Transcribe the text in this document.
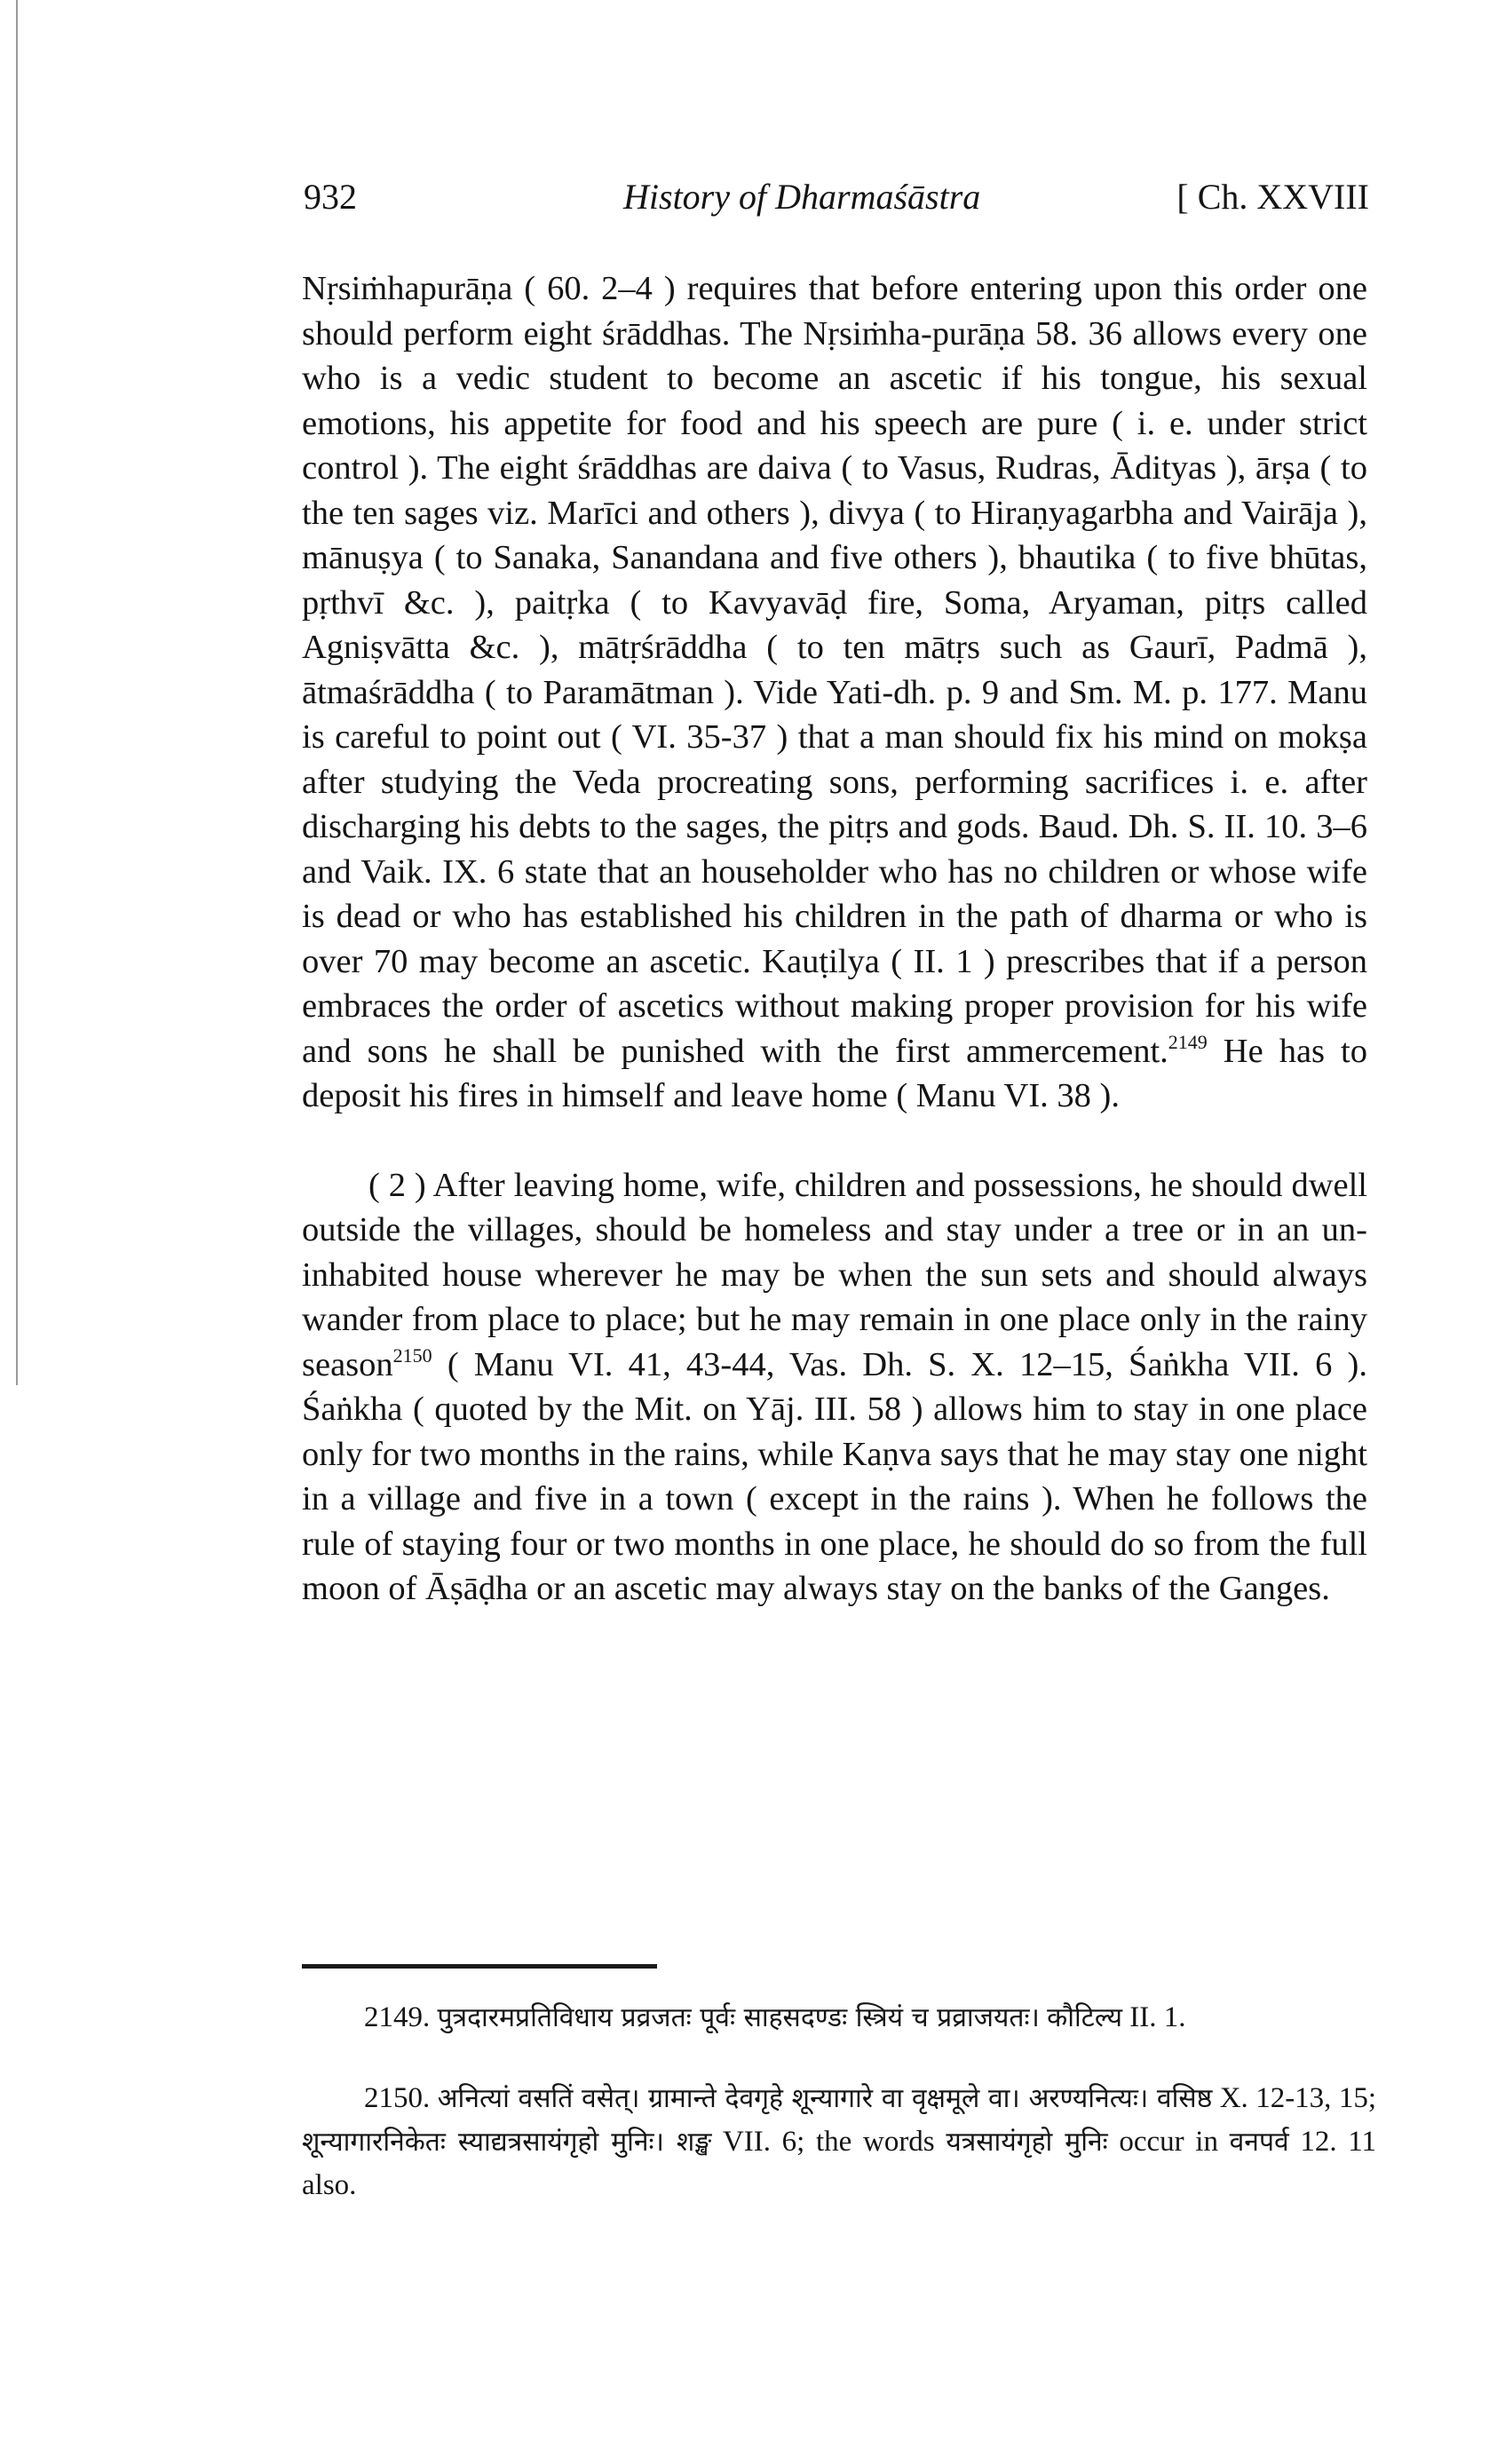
932	History of Dharmaśāstra	[ Ch. XXVIII

Nṛsiṁhapurāṇa ( 60. 2–4 ) requires that before entering upon this order one should perform eight śrāddhas. The Nṛsiṁha-purāṇa 58. 36 allows every one who is a vedic student to become an ascetic if his tongue, his sexual emotions, his appetite for food and his speech are pure ( i. e. under strict control ). The eight śrāddhas are daiva ( to Vasus, Rudras, Ādityas ), ārṣa ( to the ten sages viz. Marīci and others ), divya ( to Hiraṇyagarbha and Vairāja ), mānuṣya ( to Sanaka, Sanandana and five others ), bhautika ( to five bhūtas, pṛthvī &c. ), paitṛka ( to Kavyavāḍ fire, Soma, Aryaman, pitṛs called Agniṣvātta &c. ), mātṛśrāddha ( to ten mātṛs such as Gaurī, Padmā ), ātmaśrāddha ( to Paramātman ). Vide Yati-dh. p. 9 and Sm. M. p. 177. Manu is careful to point out ( VI. 35-37 ) that a man should fix his mind on mokṣa after studying the Veda procreating sons, performing sacrifices i. e. after discharging his debts to the sages, the pitṛs and gods. Baud. Dh. S. II. 10. 3–6 and Vaik. IX. 6 state that an householder who has no children or whose wife is dead or who has established his children in the path of dharma or who is over 70 may become an ascetic. Kauṭilya ( II. 1 ) prescribes that if a person embraces the order of ascetics without making proper provision for his wife and sons he shall be punished with the first ammercement.$^{2149}$ He has to deposit his fires in himself and leave home ( Manu VI. 38 ).

( 2 ) After leaving home, wife, children and possessions, he should dwell outside the villages, should be homeless and stay under a tree or in an un-inhabited house wherever he may be when the sun sets and should always wander from place to place; but he may remain in one place only in the rainy season$^{2150}$ ( Manu VI. 41, 43-44, Vas. Dh. S. X. 12–15, Śaṅkha VII. 6 ). Śaṅkha ( quoted by the Mit. on Yāj. III. 58 ) allows him to stay in one place only for two months in the rains, while Kaṇva says that he may stay one night in a village and five in a town ( except in the rains ). When he follows the rule of staying four or two months in one place, he should do so from the full moon of Āṣāḍha or an ascetic may always stay on the banks of the Ganges.

2149. पुत्रदारमप्रतिविधाय प्रव्रजतः पूर्वः साहसदण्डः स्त्रियं च प्रव्राजयतः। कौटिल्य II. 1.

2150. अनित्यां वसतिं वसेत्। ग्रामान्ते देवगृहे शून्यागारे वा वृक्षमूले वा। अरण्यनित्यः। वसिष्ठ X. 12-13, 15; शून्यागारनिकेतः स्याद्यत्रसायंगृहो मुनिः। शङ्ख VII. 6; the words यत्रसायंगृहो मुनिः occur in वनपर्व 12. 11 also.
